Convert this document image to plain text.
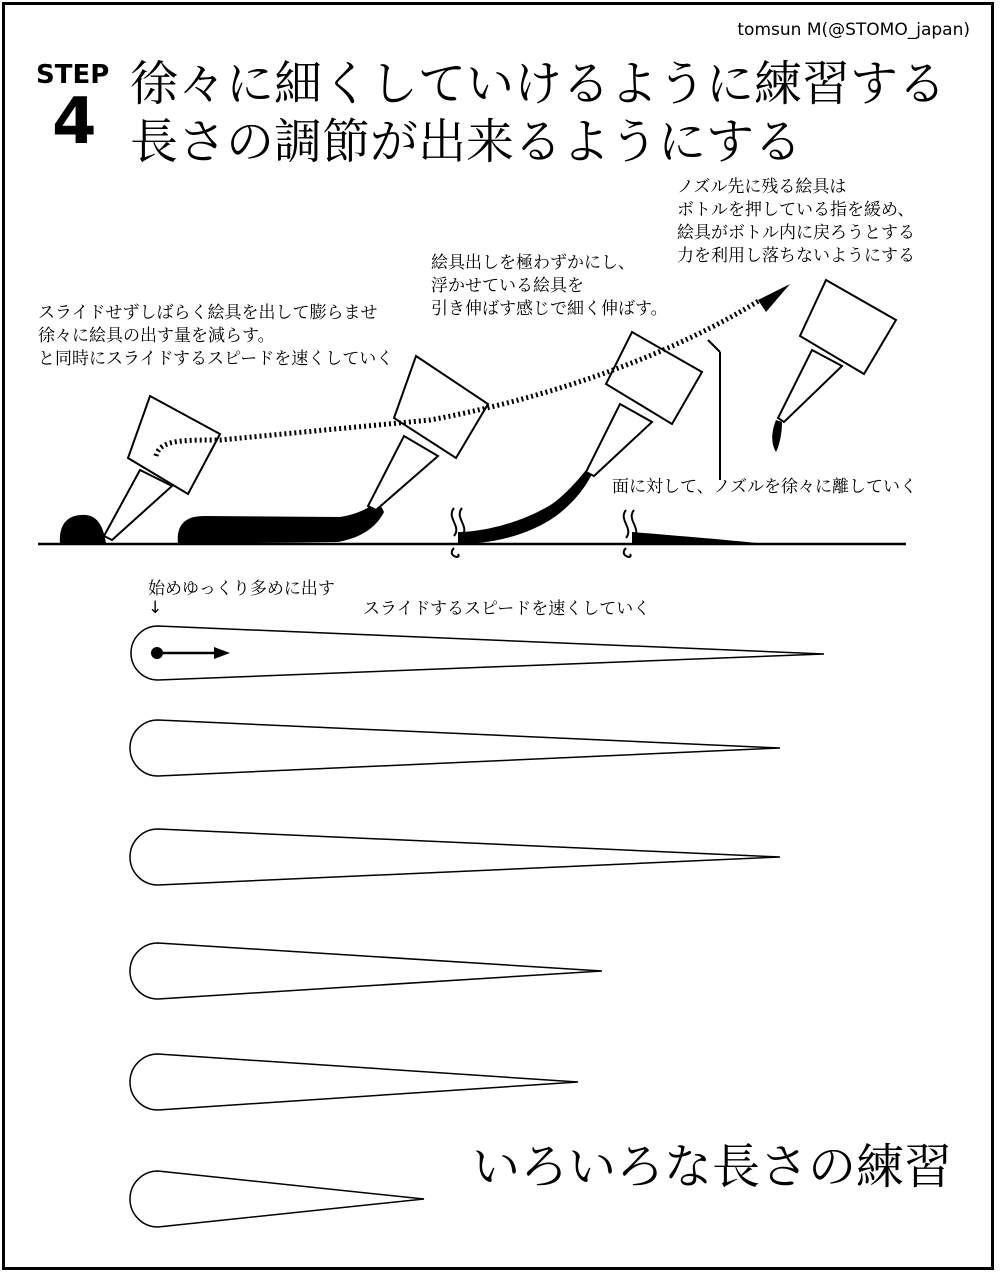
tomsun M(@STOMO_japan)
STEP
4
徐々に細くしていけるように練習する
長さの調節が出来るようにする
スライドせずしばらく絵具を出して膨らませ
徐々に絵具の出す量を減らす。
と同時にスライドするスピードを速くしていく
絵具出しを極わずかにし、
浮かせている絵具を
引き伸ばす感じで細く伸ばす。
ノズル先に残る絵具は
ボトルを押している指を緩め、
絵具がボトル内に戻ろうとする
力を利用し落ちないようにする
面に対して、ノズルを徐々に離していく
始めゆっくり多めに出す
↓	スライドするスピードを速くしていく
いろいろな長さの練習
